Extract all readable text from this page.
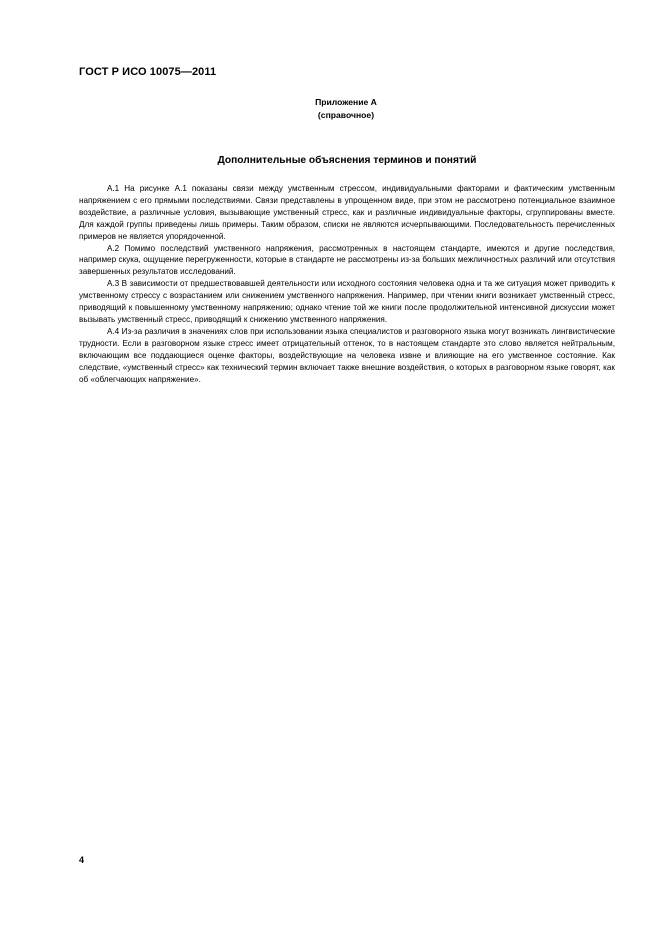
ГОСТ Р ИСО 10075—2011
Приложение А
(справочное)
Дополнительные объяснения терминов и понятий

А.1 На рисунке А.1 показаны связи между умственным стрессом, индивидуальными факторами и фактическим умственным напряжением с его прямыми последствиями. Связи представлены в упрощенном виде, при этом не рассмотрено потенциальное взаимное воздействие, а различные условия, вызывающие умственный стресс, как и различные индивидуальные факторы, сгруппированы вместе. Для каждой группы приведены лишь примеры. Таким образом, списки не являются исчерпывающими. Последовательность перечисленных примеров не является упорядоченной.

А.2 Помимо последствий умственного напряжения, рассмотренных в настоящем стандарте, имеются и другие последствия, например скука, ощущение перегруженности, которые в стандарте не рассмотрены из-за больших межличностных различий или отсутствия завершенных результатов исследований.

А.3 В зависимости от предшествовавшей деятельности или исходного состояния человека одна и та же ситуация может приводить к умственному стрессу с возрастанием или снижением умственного напряжения. Например, при чтении книги возникает умственный стресс, приводящий к повышенному умственному напряжению; однако чтение той же книги после продолжительной интенсивной дискуссии может вызывать умственный стресс, приводящий к снижению умственного напряжения.

А.4 Из-за различия в значениях слов при использовании языка специалистов и разговорного языка могут возникать лингвистические трудности. Если в разговорном языке стресс имеет отрицательный оттенок, то в настоящем стандарте это слово является нейтральным, включающим все поддающиеся оценке факторы, воздействующие на человека извне и влияющие на его умственное состояние. Как следствие, «умственный стресс» как технический термин включает также внешние воздействия, о которых в разговорном языке говорят, как об «облегчающих напряжение».

4
